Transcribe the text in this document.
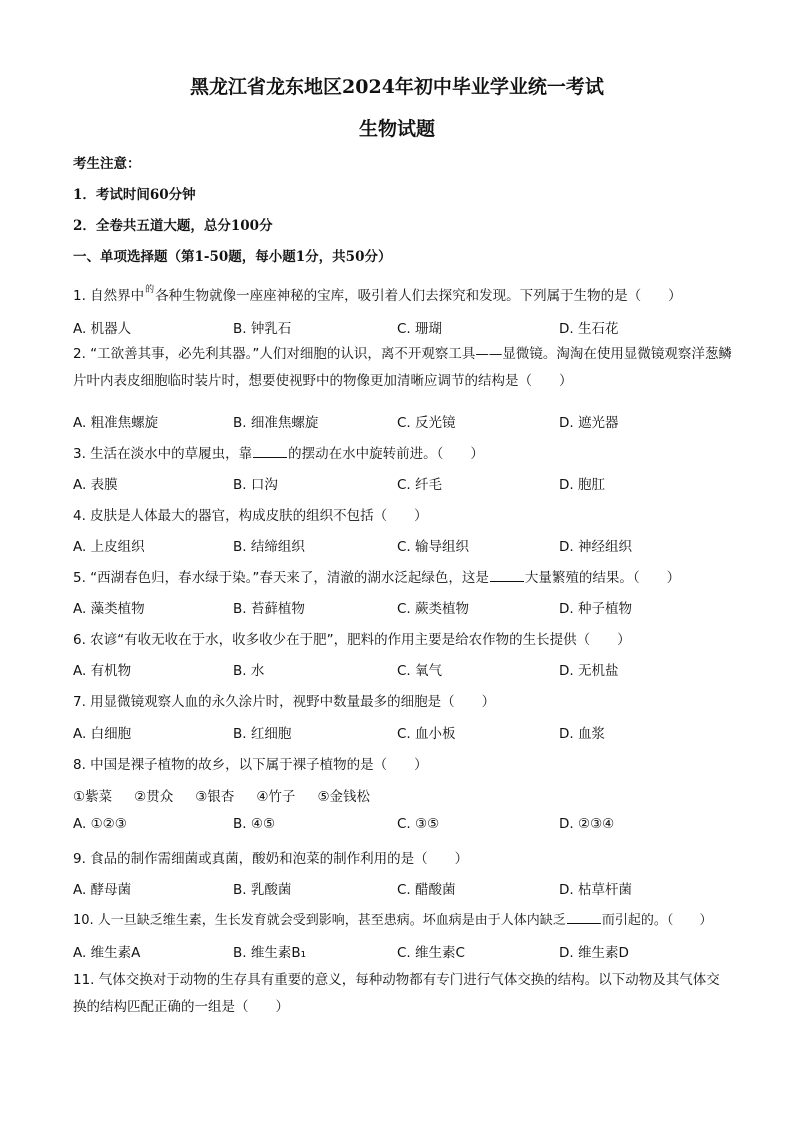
黑龙江省龙东地区2024年初中毕业学业统一考试
生物试题
考生注意：
1．考试时间60分钟
2．全卷共五道大题，总分100分
一、单项选择题（第1-50题，每小题1分，共50分）
1. 自然界中$^的$各种生物就像一座座神秘的宝库，吸引着人们去探究和发现。下列属于生物的是（　　）
A. 机器人	B. 钟乳石	C. 珊瑚	D. 生石花
2. “工欲善其事，必先利其器。”人们对细胞的认识，离不开观察工具——显微镜。淘淘在使用显微镜观察洋葱鳞片叶内表皮细胞临时装片时，想要使视野中的物像更加清晰应调节的结构是（　　）
A. 粗准焦螺旋	B. 细准焦螺旋	C. 反光镜	D. 遮光器
3. 生活在淡水中的草履虫，靠	的摆动在水中旋转前进。（　　）
A. 表膜	B. 口沟	C. 纤毛	D. 胞肛
4. 皮肤是人体最大的器官，构成皮肤的组织不包括（　　）
A. 上皮组织	B. 结缔组织	C. 输导组织	D. 神经组织
5. “西湖春色归，春水绿于染。”春天来了，清澈的湖水泛起绿色，这是	大量繁殖的结果。（　　）
A. 藻类植物	B. 苔藓植物	C. 蕨类植物	D. 种子植物
6. 农谚“有收无收在于水，收多收少在于肥”，肥料的作用主要是给农作物的生长提供（　　）
A. 有机物	B. 水	C. 氧气	D. 无机盐
7. 用显微镜观察人血的永久涂片时，视野中数量最多的细胞是（　　）
A. 白细胞	B. 红细胞	C. 血小板	D. 血浆
8. 中国是裸子植物的故乡，以下属于裸子植物的是（　　）
①紫菜 ②贯众 ③银杏 ④竹子 ⑤金钱松
A. ①②③	B. ④⑤	C. ③⑤	D. ②③④
9. 食品的制作需细菌或真菌，酸奶和泡菜的制作利用的是（　　）
A. 酵母菌	B. 乳酸菌	C. 醋酸菌	D. 枯草杆菌
10. 人一旦缺乏维生素，生长发育就会受到影响，甚至患病。坏血病是由于人体内缺乏	而引起的。（　　）
A. 维生素A	B. 维生素B₁	C. 维生素C	D. 维生素D
11. 气体交换对于动物的生存具有重要的意义，每种动物都有专门进行气体交换的结构。以下动物及其气体交换的结构匹配正确的一组是（　　）
